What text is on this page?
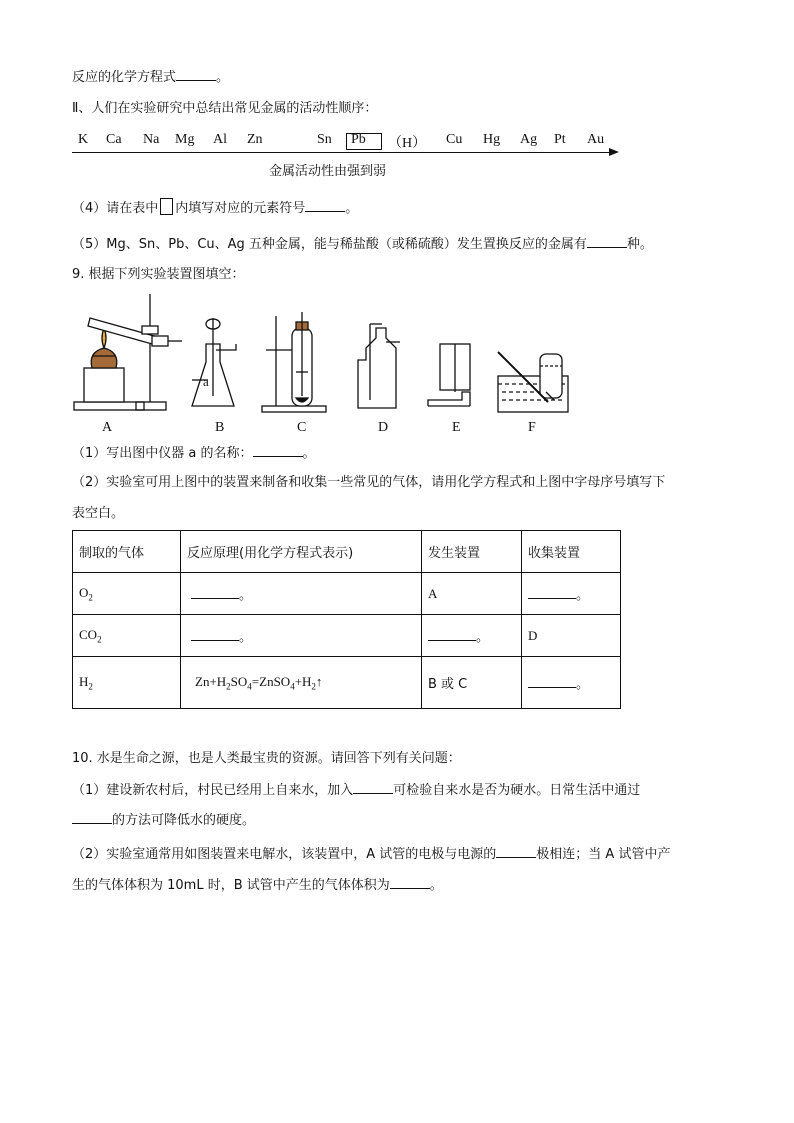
反应的化学方程式	。
Ⅱ、人们在实验研究中总结出常见金属的活动性顺序：
K Ca Na Mg Al Zn	Sn Pb （H） Cu Hg Ag Pt Au
金属活动性由强到弱
（4）请在表中 内填写对应的元素符号	。
（5）Mg、Sn、Pb、Cu、Ag 五种金属，能与稀盐酸（或稀硫酸）发生置换反应的金属有	种。
9. 根据下列实验装置图填空：
a
A	B	C	D	E	F
（1）写出图中仪器 a 的名称：	。
（2）实验室可用上图中的装置来制备和收集一些常见的气体，请用化学方程式和上图中字母序号填写下
表空白。
制取的气体	反应原理(用化学方程式表示)	发生装置	收集装置
$O_2$	。	A	。
$CO_2$	。	。	D
$H_2$	$Zn+H_2SO_4=ZnSO_4+H_2↑$	B 或 C	。
10. 水是生命之源，也是人类最宝贵的资源。请回答下列有关问题：
（1）建设新农村后，村民已经用上自来水，加入	可检验自来水是否为硬水。日常生活中通过
的方法可降低水的硬度。
（2）实验室通常用如图装置来电解水，该装置中，A 试管的电极与电源的	极相连；当 A 试管中产
生的气体体积为 10mL 时，B 试管中产生的气体体积为	。
